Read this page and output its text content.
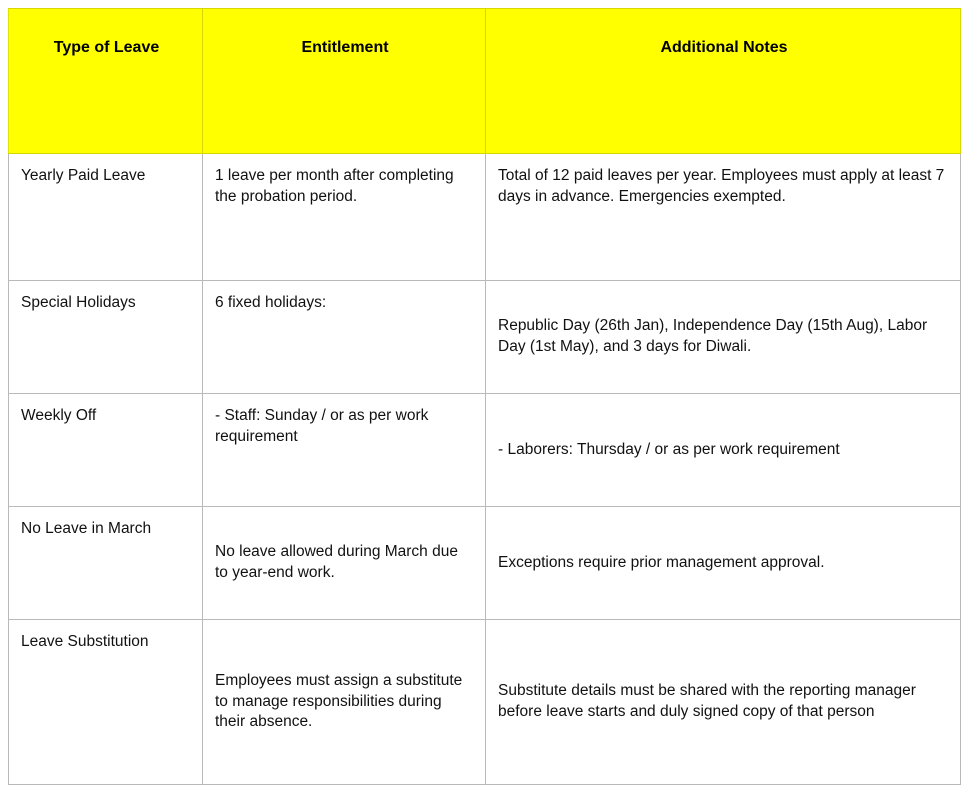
Type of Leave	Entitlement	Additional Notes
Yearly Paid Leave	1 leave per month after completing the probation period.	Total of 12 paid leaves per year. Employees must apply at least 7 days in advance. Emergencies exempted.
Special Holidays	6 fixed holidays:	Republic Day (26th Jan), Independence Day (15th Aug), Labor Day (1st May), and 3 days for Diwali.
Weekly Off	- Staff: Sunday / or as per work requirement	- Laborers: Thursday / or as per work requirement
No Leave in March	No leave allowed during March due to year-end work.	Exceptions require prior management approval.
Leave Substitution	Employees must assign a substitute to manage responsibilities during their absence.	Substitute details must be shared with the reporting manager before leave starts and duly signed copy of that person
